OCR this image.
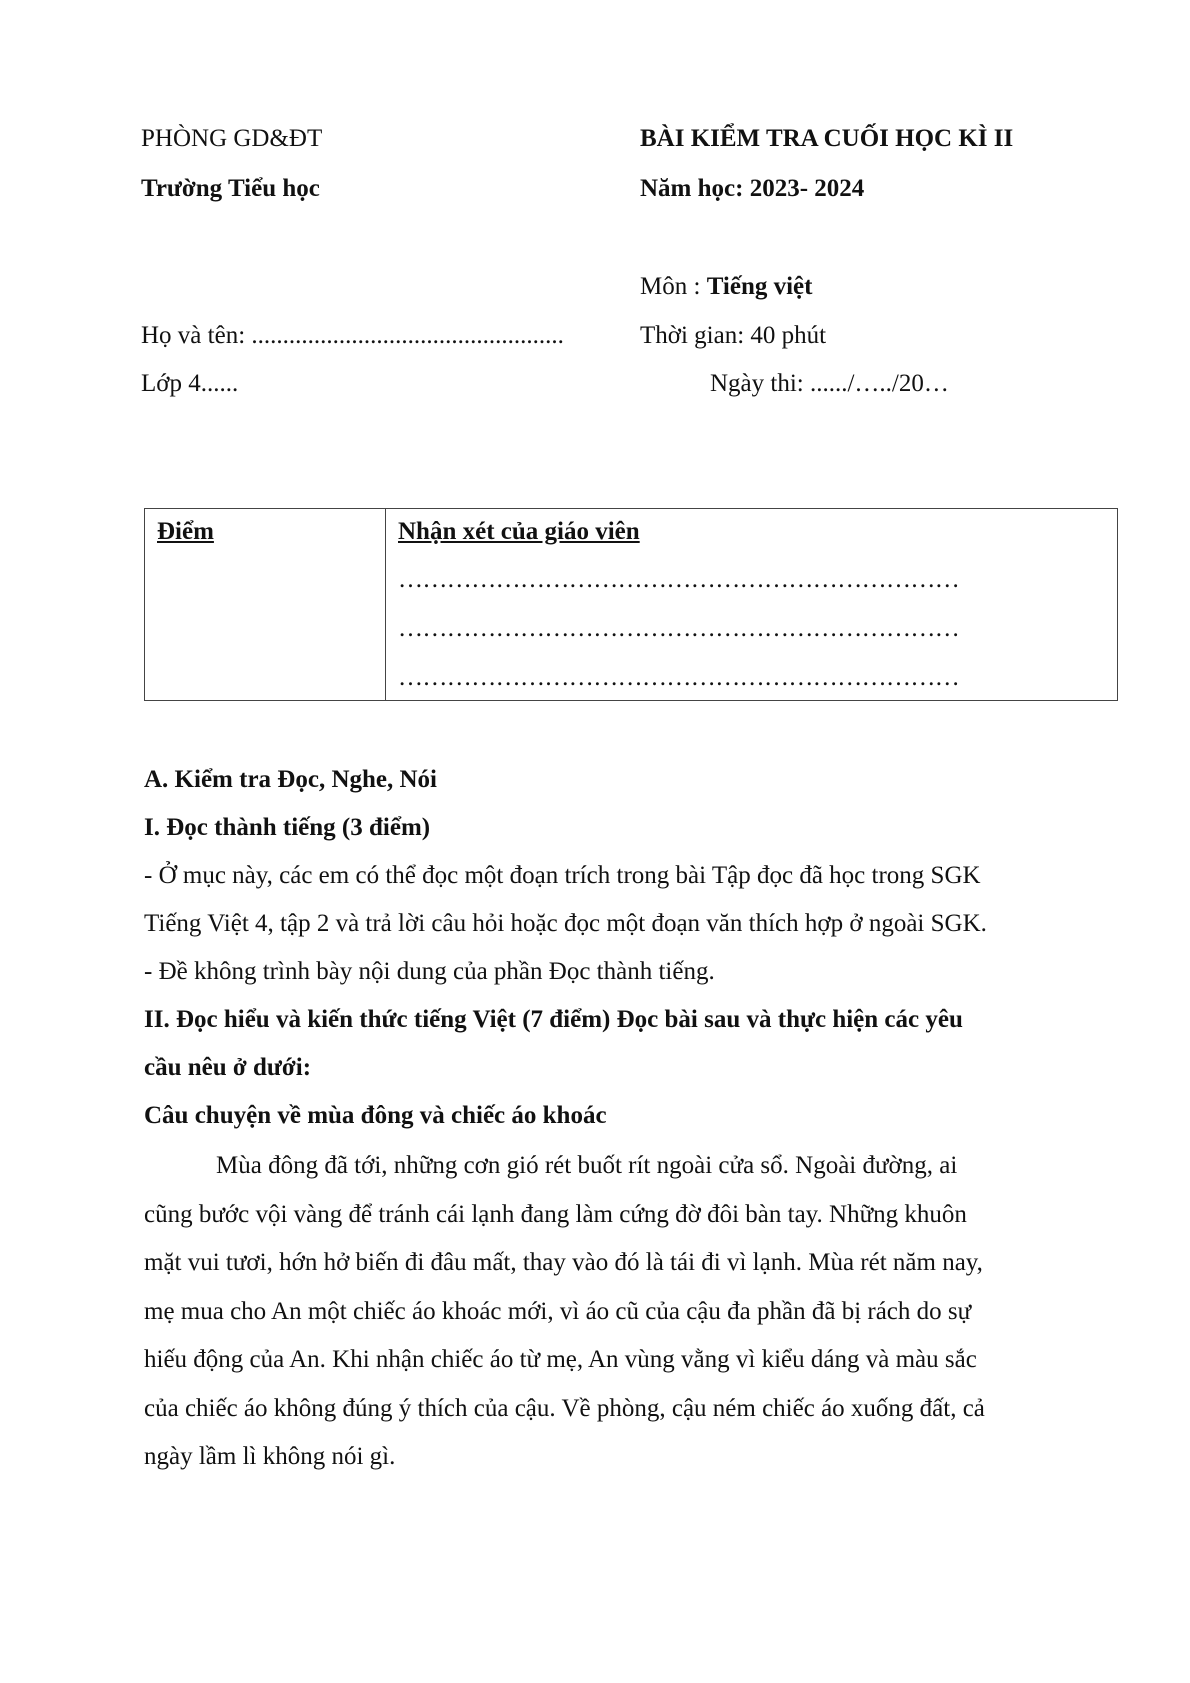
PHÒNG GD&ĐT
Trường Tiểu học
BÀI KIỂM TRA CUỐI HỌC KÌ II
Năm học: 2023- 2024
Môn : Tiếng việt
Họ và tên: ..................................................	Thời gian: 40 phút
Lớp 4......	Ngày thi: ....../…../20…
Điểm	Nhận xét của giáo viên
……………………………………………………………
……………………………………………………………
……………………………………………………………
A. Kiểm tra Đọc, Nghe, Nói
I. Đọc thành tiếng (3 điểm)
- Ở mục này, các em có thể đọc một đoạn trích trong bài Tập đọc đã học trong SGK
Tiếng Việt 4, tập 2 và trả lời câu hỏi hoặc đọc một đoạn văn thích hợp ở ngoài SGK.
- Đề không trình bày nội dung của phần Đọc thành tiếng.
II. Đọc hiểu và kiến thức tiếng Việt (7 điểm) Đọc bài sau và thực hiện các yêu
cầu nêu ở dưới:
Câu chuyện về mùa đông và chiếc áo khoác
Mùa đông đã tới, những cơn gió rét buốt rít ngoài cửa sổ. Ngoài đường, ai
cũng bước vội vàng để tránh cái lạnh đang làm cứng đờ đôi bàn tay. Những khuôn
mặt vui tươi, hớn hở biến đi đâu mất, thay vào đó là tái đi vì lạnh. Mùa rét năm nay,
mẹ mua cho An một chiếc áo khoác mới, vì áo cũ của cậu đa phần đã bị rách do sự
hiếu động của An. Khi nhận chiếc áo từ mẹ, An vùng vằng vì kiểu dáng và màu sắc
của chiếc áo không đúng ý thích của cậu. Về phòng, cậu ném chiếc áo xuống đất, cả
ngày lầm lì không nói gì.
